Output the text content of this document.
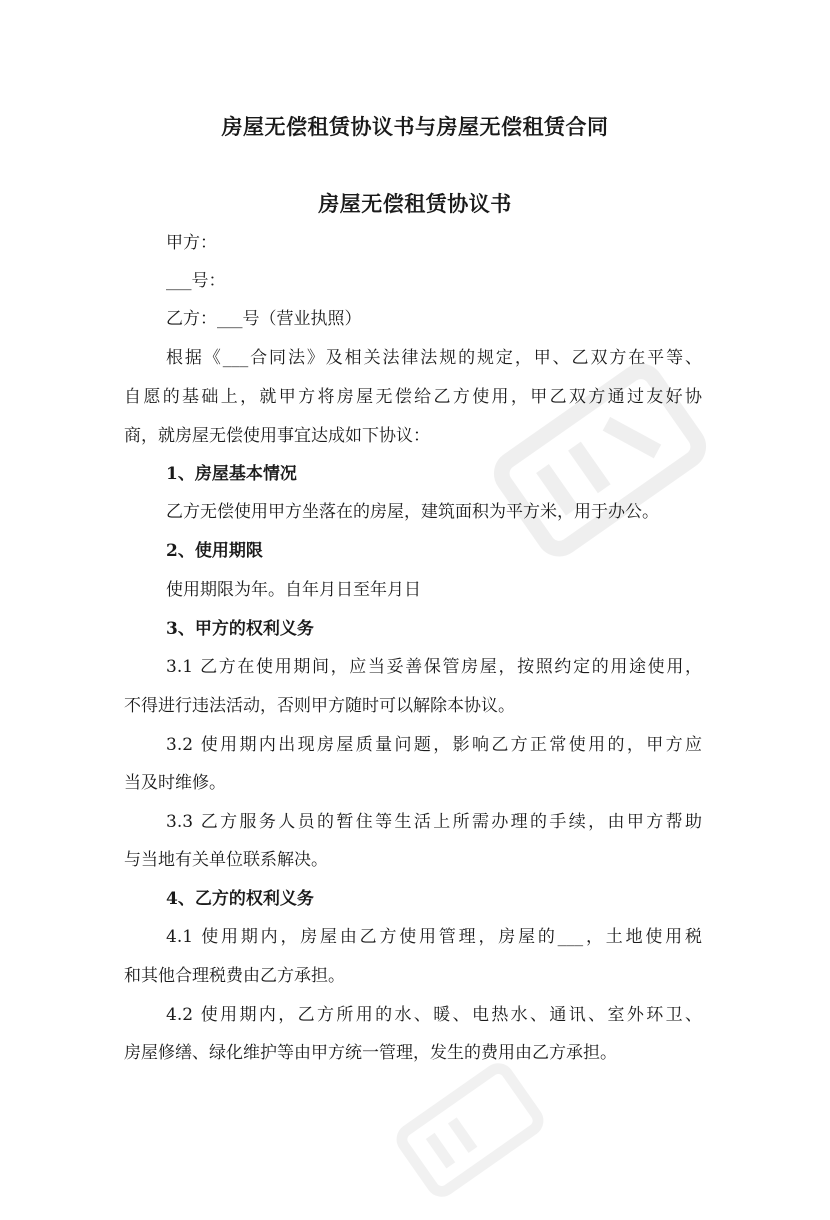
房屋无偿租赁协议书与房屋无偿租赁合同
房屋无偿租赁协议书
甲方：
___号：
乙方：___号（营业执照）
根据《___合同法》及相关法律法规的规定，甲、乙双方在平等、
自愿的基础上，就甲方将房屋无偿给乙方使用，甲乙双方通过友好协
商，就房屋无偿使用事宜达成如下协议：
1、房屋基本情况
乙方无偿使用甲方坐落在的房屋，建筑面积为平方米，用于办公。
2、使用期限
使用期限为年。自年月日至年月日
3、甲方的权利义务
3.1 乙方在使用期间，应当妥善保管房屋，按照约定的用途使用，
不得进行违法活动，否则甲方随时可以解除本协议。
3.2 使用期内出现房屋质量问题，影响乙方正常使用的，甲方应
当及时维修。
3.3 乙方服务人员的暂住等生活上所需办理的手续，由甲方帮助
与当地有关单位联系解决。
4、乙方的权利义务
4.1 使用期内，房屋由乙方使用管理，房屋的___，土地使用税
和其他合理税费由乙方承担。
4.2 使用期内，乙方所用的水、暖、电热水、通讯、室外环卫、
房屋修缮、绿化维护等由甲方统一管理，发生的费用由乙方承担。
